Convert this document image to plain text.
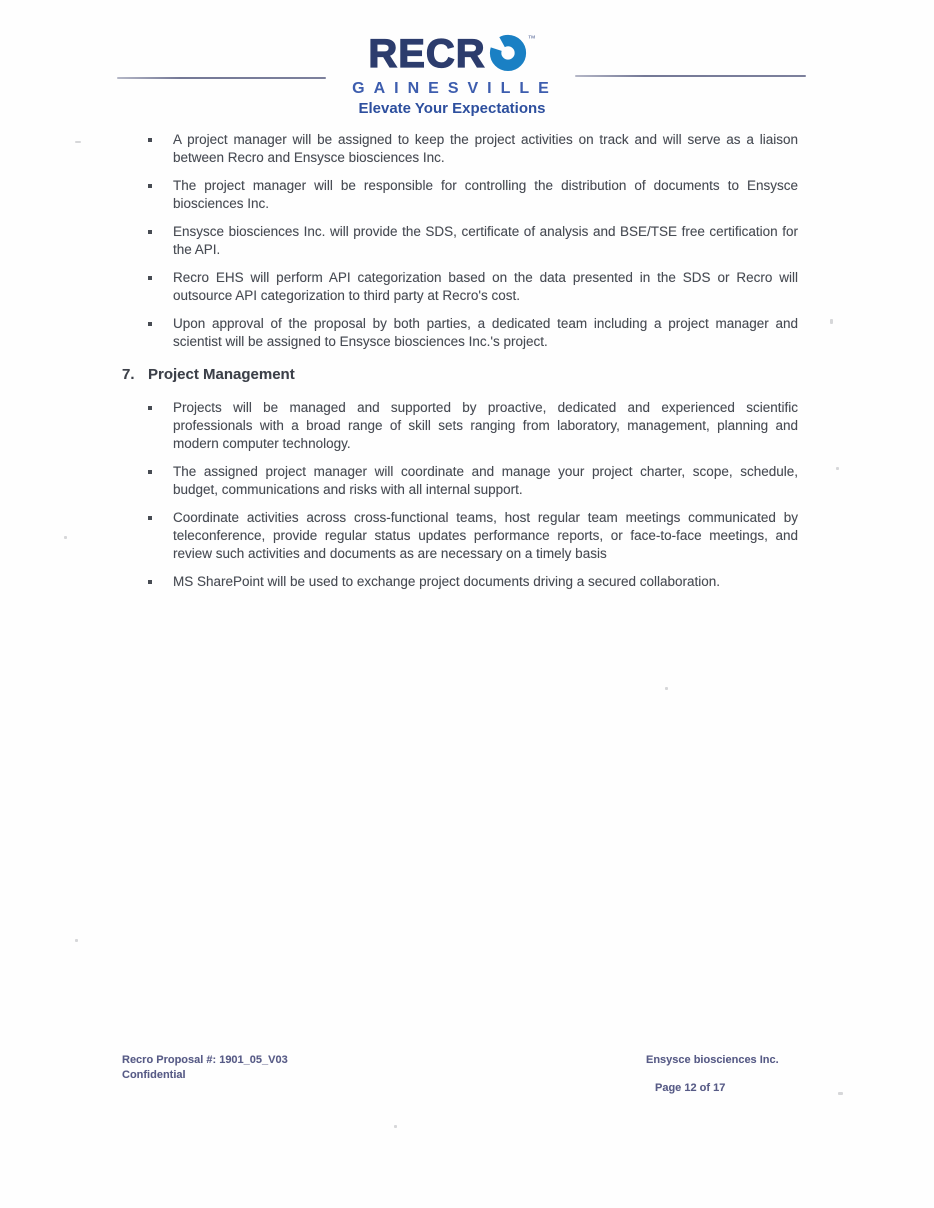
RECR	™
GAINESVILLE
Elevate Your Expectations
A project manager will be assigned to keep the project activities on track and will serve as a liaison between Recro and Ensysce biosciences Inc.
The project manager will be responsible for controlling the distribution of documents to Ensysce biosciences Inc.
Ensysce biosciences Inc. will provide the SDS, certificate of analysis and BSE/TSE free certification for the API.
Recro EHS will perform API categorization based on the data presented in the SDS or Recro will outsource API categorization to third party at Recro's cost.
Upon approval of the proposal by both parties, a dedicated team including a project manager and scientist will be assigned to Ensysce biosciences Inc.'s project.
7. Project Management
Projects will be managed and supported by proactive, dedicated and experienced scientific professionals with a broad range of skill sets ranging from laboratory, management, planning and modern computer technology.
The assigned project manager will coordinate and manage your project charter, scope, schedule, budget, communications and risks with all internal support.
Coordinate activities across cross-functional teams, host regular team meetings communicated by teleconference, provide regular status updates performance reports, or face-to-face meetings, and review such activities and documents as are necessary on a timely basis
MS SharePoint will be used to exchange project documents driving a secured collaboration.
Recro Proposal #: 1901_05_V03
Confidential
Ensysce biosciences Inc.
Page 12 of 17
